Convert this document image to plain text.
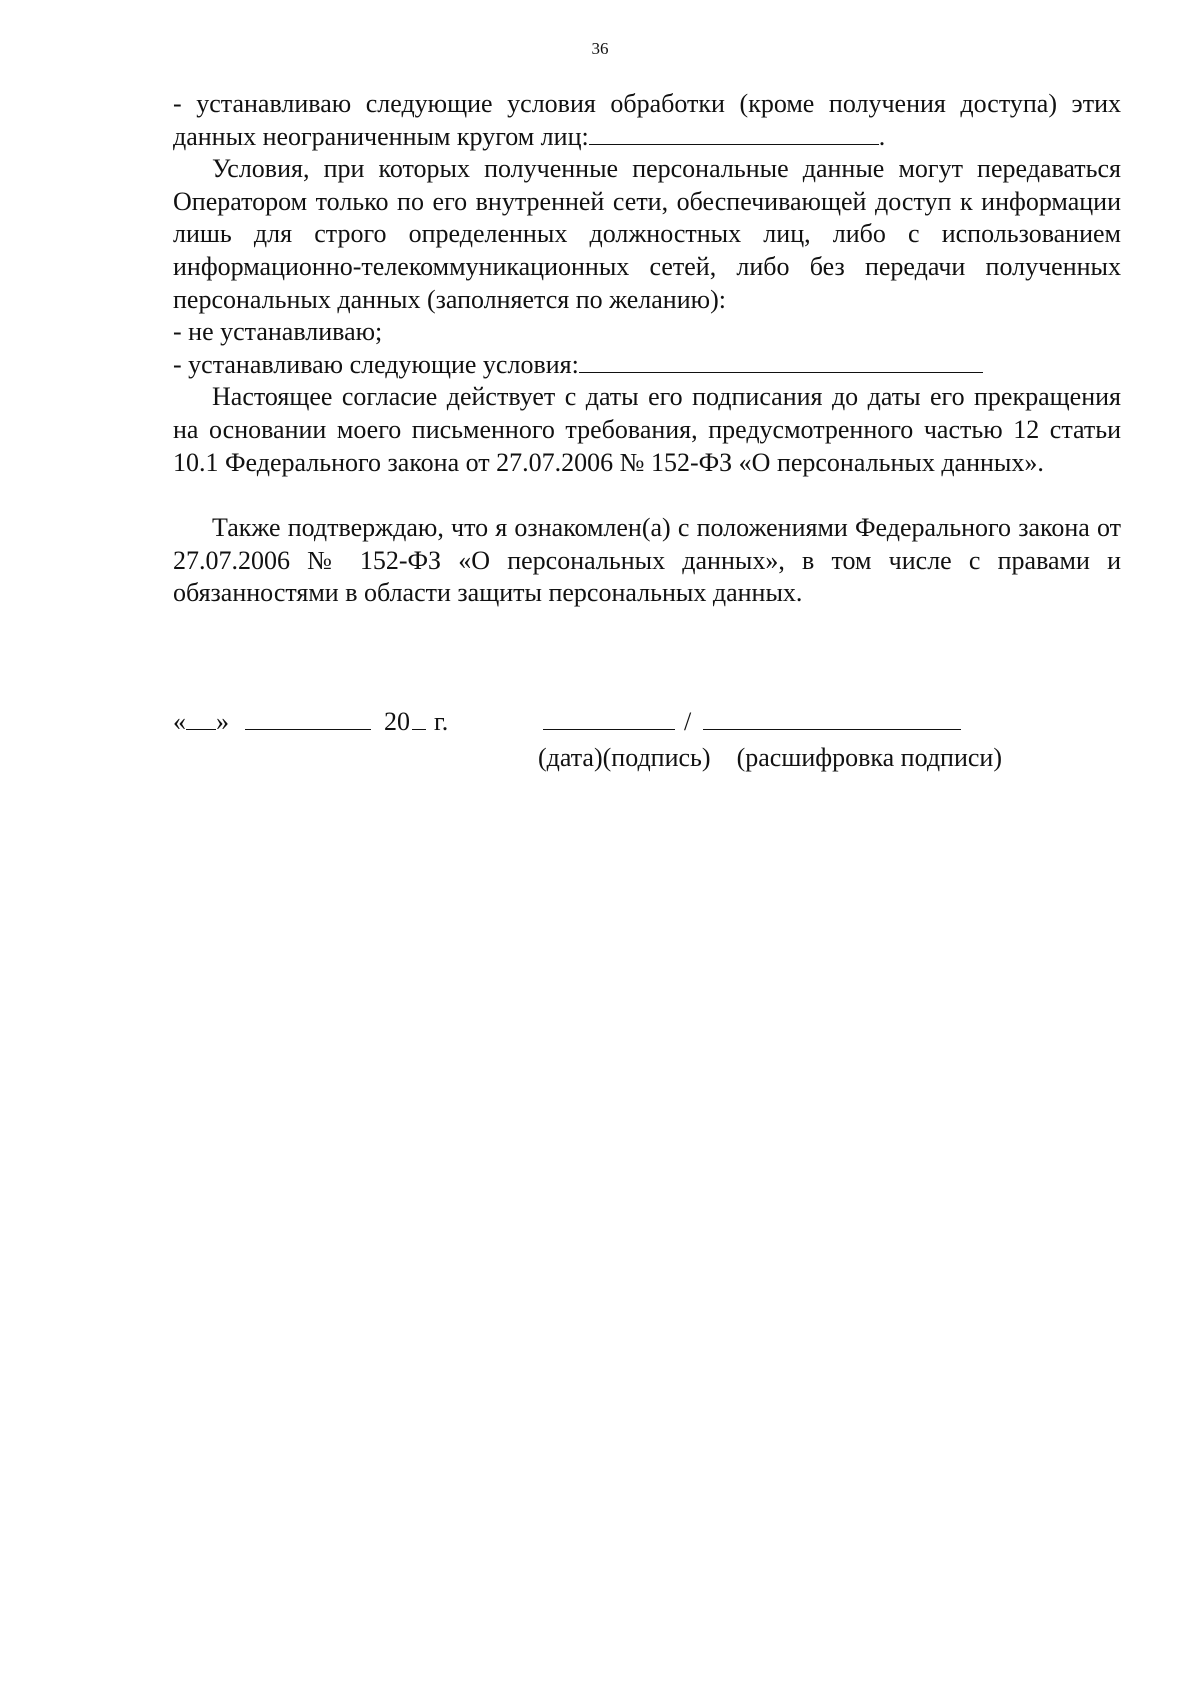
36

- устанавливаю следующие условия обработки (кроме получения доступа) этих данных неограниченным кругом лиц:	.

Условия, при которых полученные персональные данные могут передаваться Оператором только по его внутренней сети, обеспечивающей доступ к информации лишь для строго определенных должностных лиц, либо с использованием информационно-телекоммуникационных сетей, либо без передачи полученных персональных данных (заполняется по желанию):

- не устанавливаю;

- устанавливаю следующие условия:

Настоящее согласие действует с даты его подписания до даты его прекращения на основании моего письменного требования, предусмотренного частью 12 статьи 10.1 Федерального закона от 27.07.2006 № 152-ФЗ «О персональных данных».

Также подтверждаю, что я ознакомлен(а) с положениями Федерального закона от 27.07.2006 № 152-ФЗ «О персональных данных», в том числе с правами и обязанностями в области защиты персональных данных.

« »	20 г.	/
(дата)(подпись) (расшифровка подписи)
